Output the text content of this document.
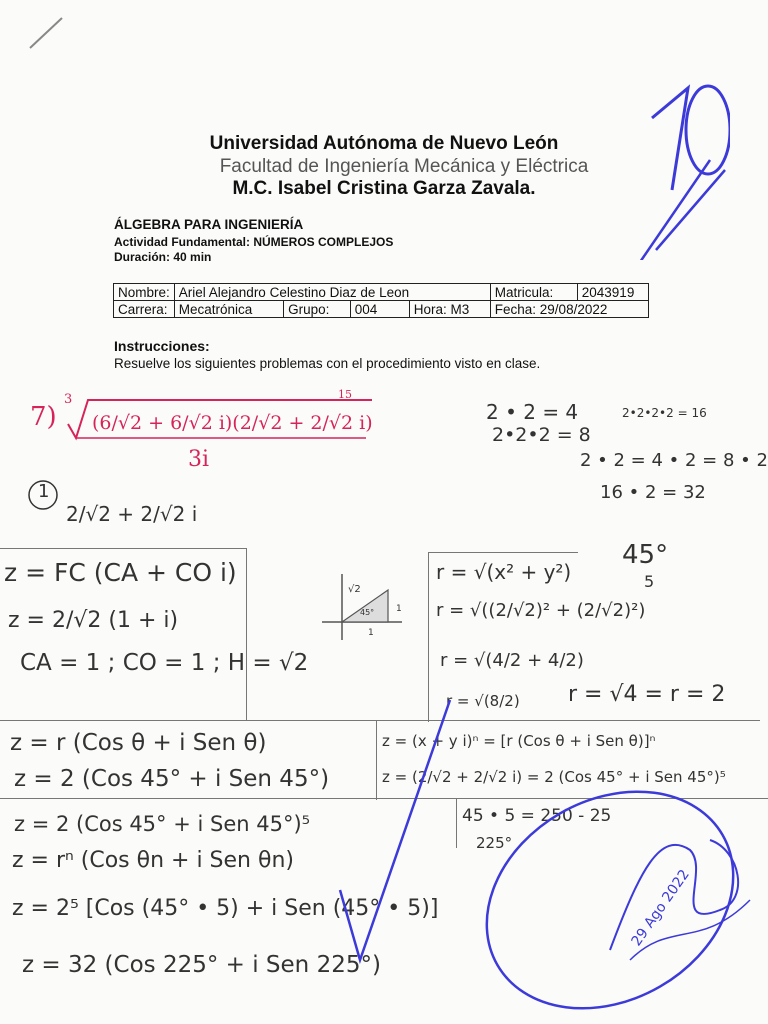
Universidad Autónoma de Nuevo León
Facultad de Ingeniería Mecánica y Eléctrica
M.C. Isabel Cristina Garza Zavala.
ÁLGEBRA PARA INGENIERÍA
Actividad Fundamental: NÚMEROS COMPLEJOS
Duración: 40 min
Nombre:	Ariel Alejandro Celestino Diaz de Leon				Matricula:	2043919
Carrera:	Mecatrónica	Grupo:	004	Hora: M3	Fecha: 29/08/2022	
Instrucciones:
Resuelve los siguientes problemas con el procedimiento visto en clase.
7)
3
(6/√2 + 6/√2 i)(2/√2 + 2/√2 i)
15
3i
2 • 2 = 4	2•2•2•2 = 16
2•2•2 = 8
2 • 2 = 4 • 2 = 8 • 2
16 • 2 = 32
1
2/√2 + 2/√2 i
45°
5
z = FC (CA + CO i)
z = 2/√2 (1 + i)
CA = 1 ; CO = 1 ; H = √2
√2
45° 1
1
r = √(x² + y²)
r = √((2/√2)² + (2/√2)²)
r = √(4/2 + 4/2)
r = √(8/2) r = √4 = r = 2
z = r (Cos θ + i Sen θ)
z = 2 (Cos 45° + i Sen 45°)
z = (x + y i)ⁿ = [r (Cos θ + i Sen θ)]ⁿ
z = (2/√2 + 2/√2 i) = 2 (Cos 45° + i Sen 45°)⁵
z = 2 (Cos 45° + i Sen 45°)⁵	45 • 5 = 250 - 25
225°
z = rⁿ (Cos θn + i Sen θn)
z = 2⁵ [Cos (45° • 5) + i Sen (45° • 5)]
z = 32 (Cos 225° + i Sen 225°)
29 Ago 2022
